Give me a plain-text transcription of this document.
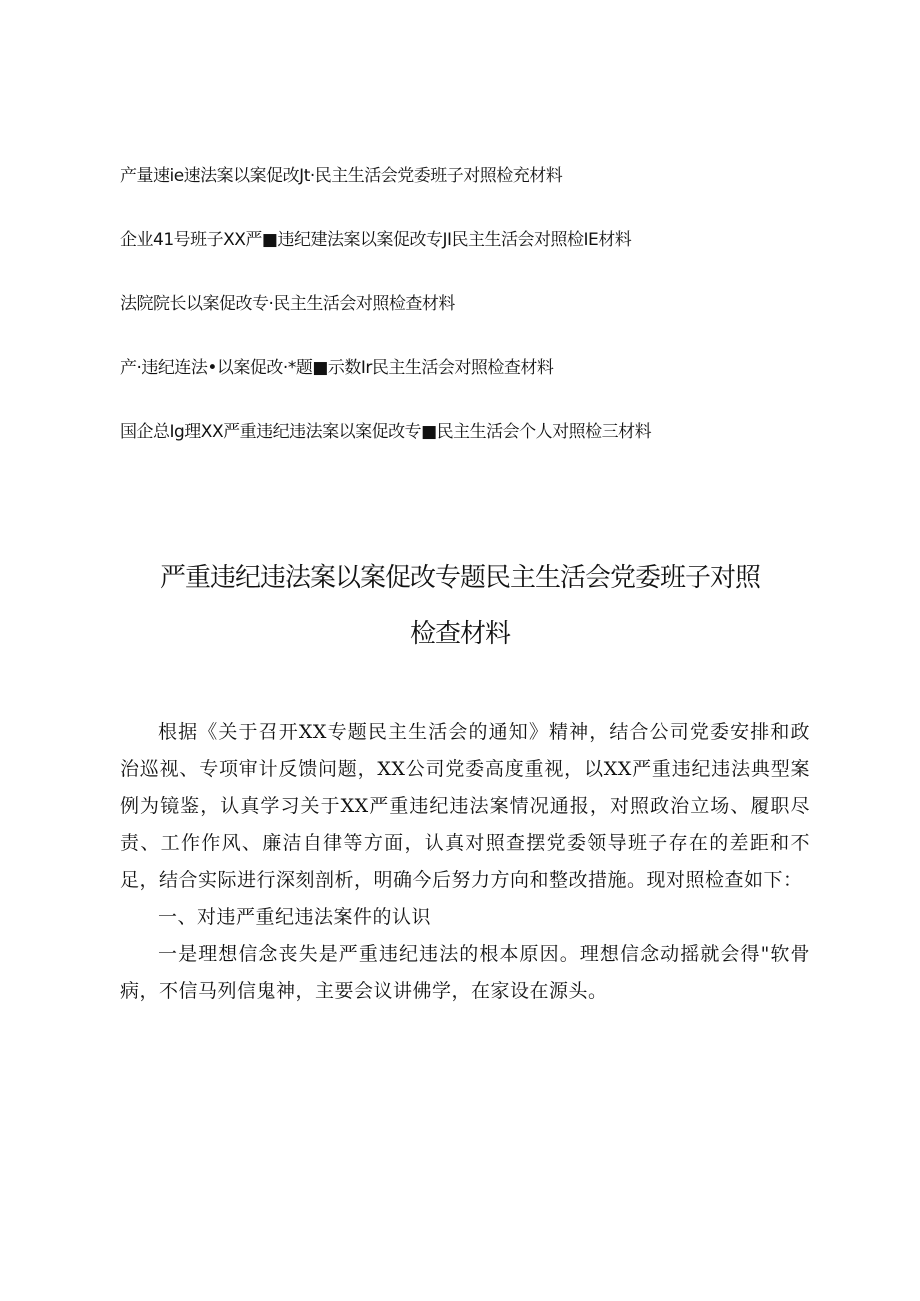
产量速ie速法案以案促改Jt·民主生活会党委班子对照检充材料
企业41号班子XX严■违纪建法案以案促改专JI民主生活会对照检IE材料
法院院长以案促改专·民主生活会对照检查材料
产·违纪连法•以案促改·*题■示数Ir民主生活会对照检查材料
国企总Ig理XX严重违纪违法案以案促改专■民主生活会个人对照检三材料
严重违纪违法案以案促改专题民主生活会党委班子对照
检查材料

根据《关于召开XX专题民主生活会的通知》精神，结合公司党委安排和政治巡视、专项审计反馈问题，XX公司党委高度重视，以XX严重违纪违法典型案例为镜鉴，认真学习关于XX严重违纪违法案情况通报，对照政治立场、履职尽责、工作作风、廉洁自律等方面，认真对照查摆党委领导班子存在的差距和不足，结合实际进行深刻剖析，明确今后努力方向和整改措施。现对照检查如下：

一、对违严重纪违法案件的认识

一是理想信念丧失是严重违纪违法的根本原因。理想信念动摇就会得"软骨病，不信马列信鬼神，主要会议讲佛学，在家设在源头。
